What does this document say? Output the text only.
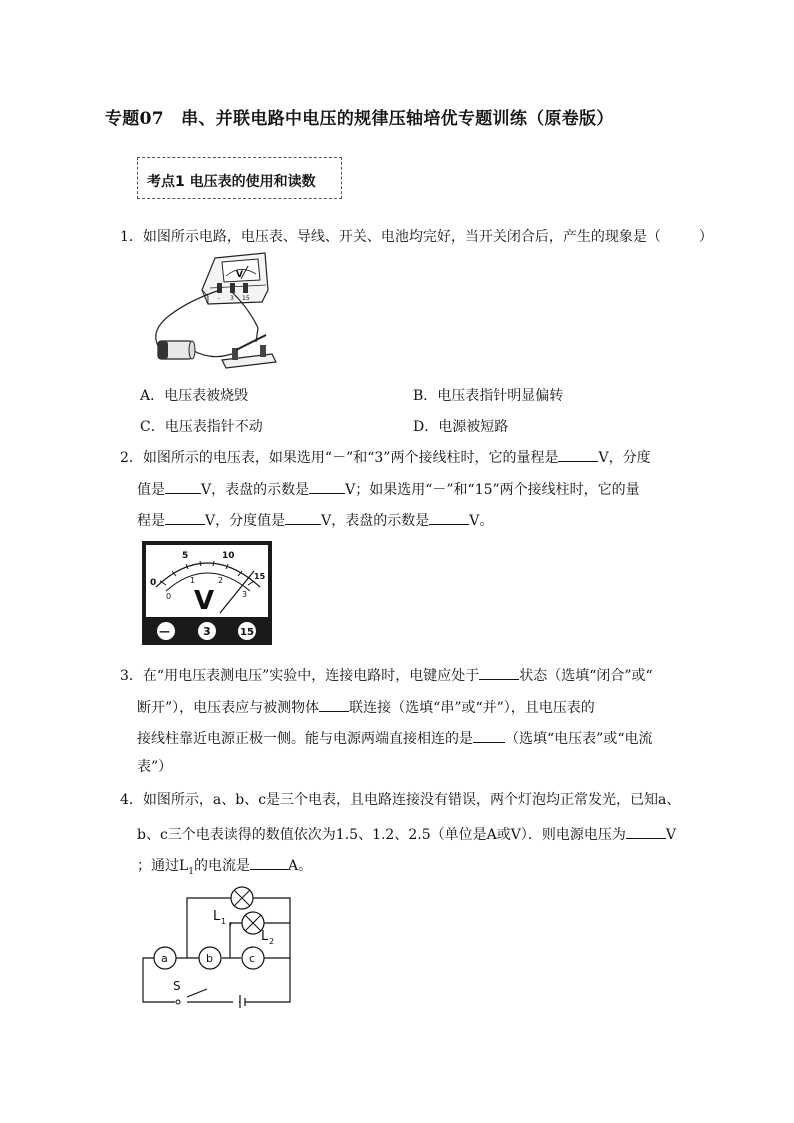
专题07　串、并联电路中电压的规律压轴培优专题训练（原卷版）
考点1 电压表的使用和读数
1．如图所示电路，电压表、导线、开关、电池均完好，当开关闭合后，产生的现象是（	）
V
- 3 15
A．电压表被烧毁	B．电压表指针明显偏转
C．电压表指针不动	D．电源被短路
2．如图所示的电压表，如果选用“－”和“3”两个接线柱时，它的量程是	V，分度
值是	V，表盘的示数是	V；如果选用“－”和“15”两个接线柱时，它的量
程是	V，分度值是	V，表盘的示数是	V。
0
5	10
15
0
1	2
3
V
—	3	15
3．在“用电压表测电压”实验中，连接电路时，电键应处于	状态（选填“闭合”或“
断开”），电压表应与被测物体 联连接（选填“串”或“并”），且电压表的
接线柱靠近电源正极一侧。能与电源两端直接相连的是 （选填“电压表”或“电流
表”）
4．如图所示，a、b、c是三个电表，且电路连接没有错误，两个灯泡均正常发光，已知a、
b、c三个电表读得的数值依次为1.5、1.2、2.5（单位是A或V）．则电源电压为	V
；通过$L_1$的电流是	A。
L 1
L 2
a	b	c
S
